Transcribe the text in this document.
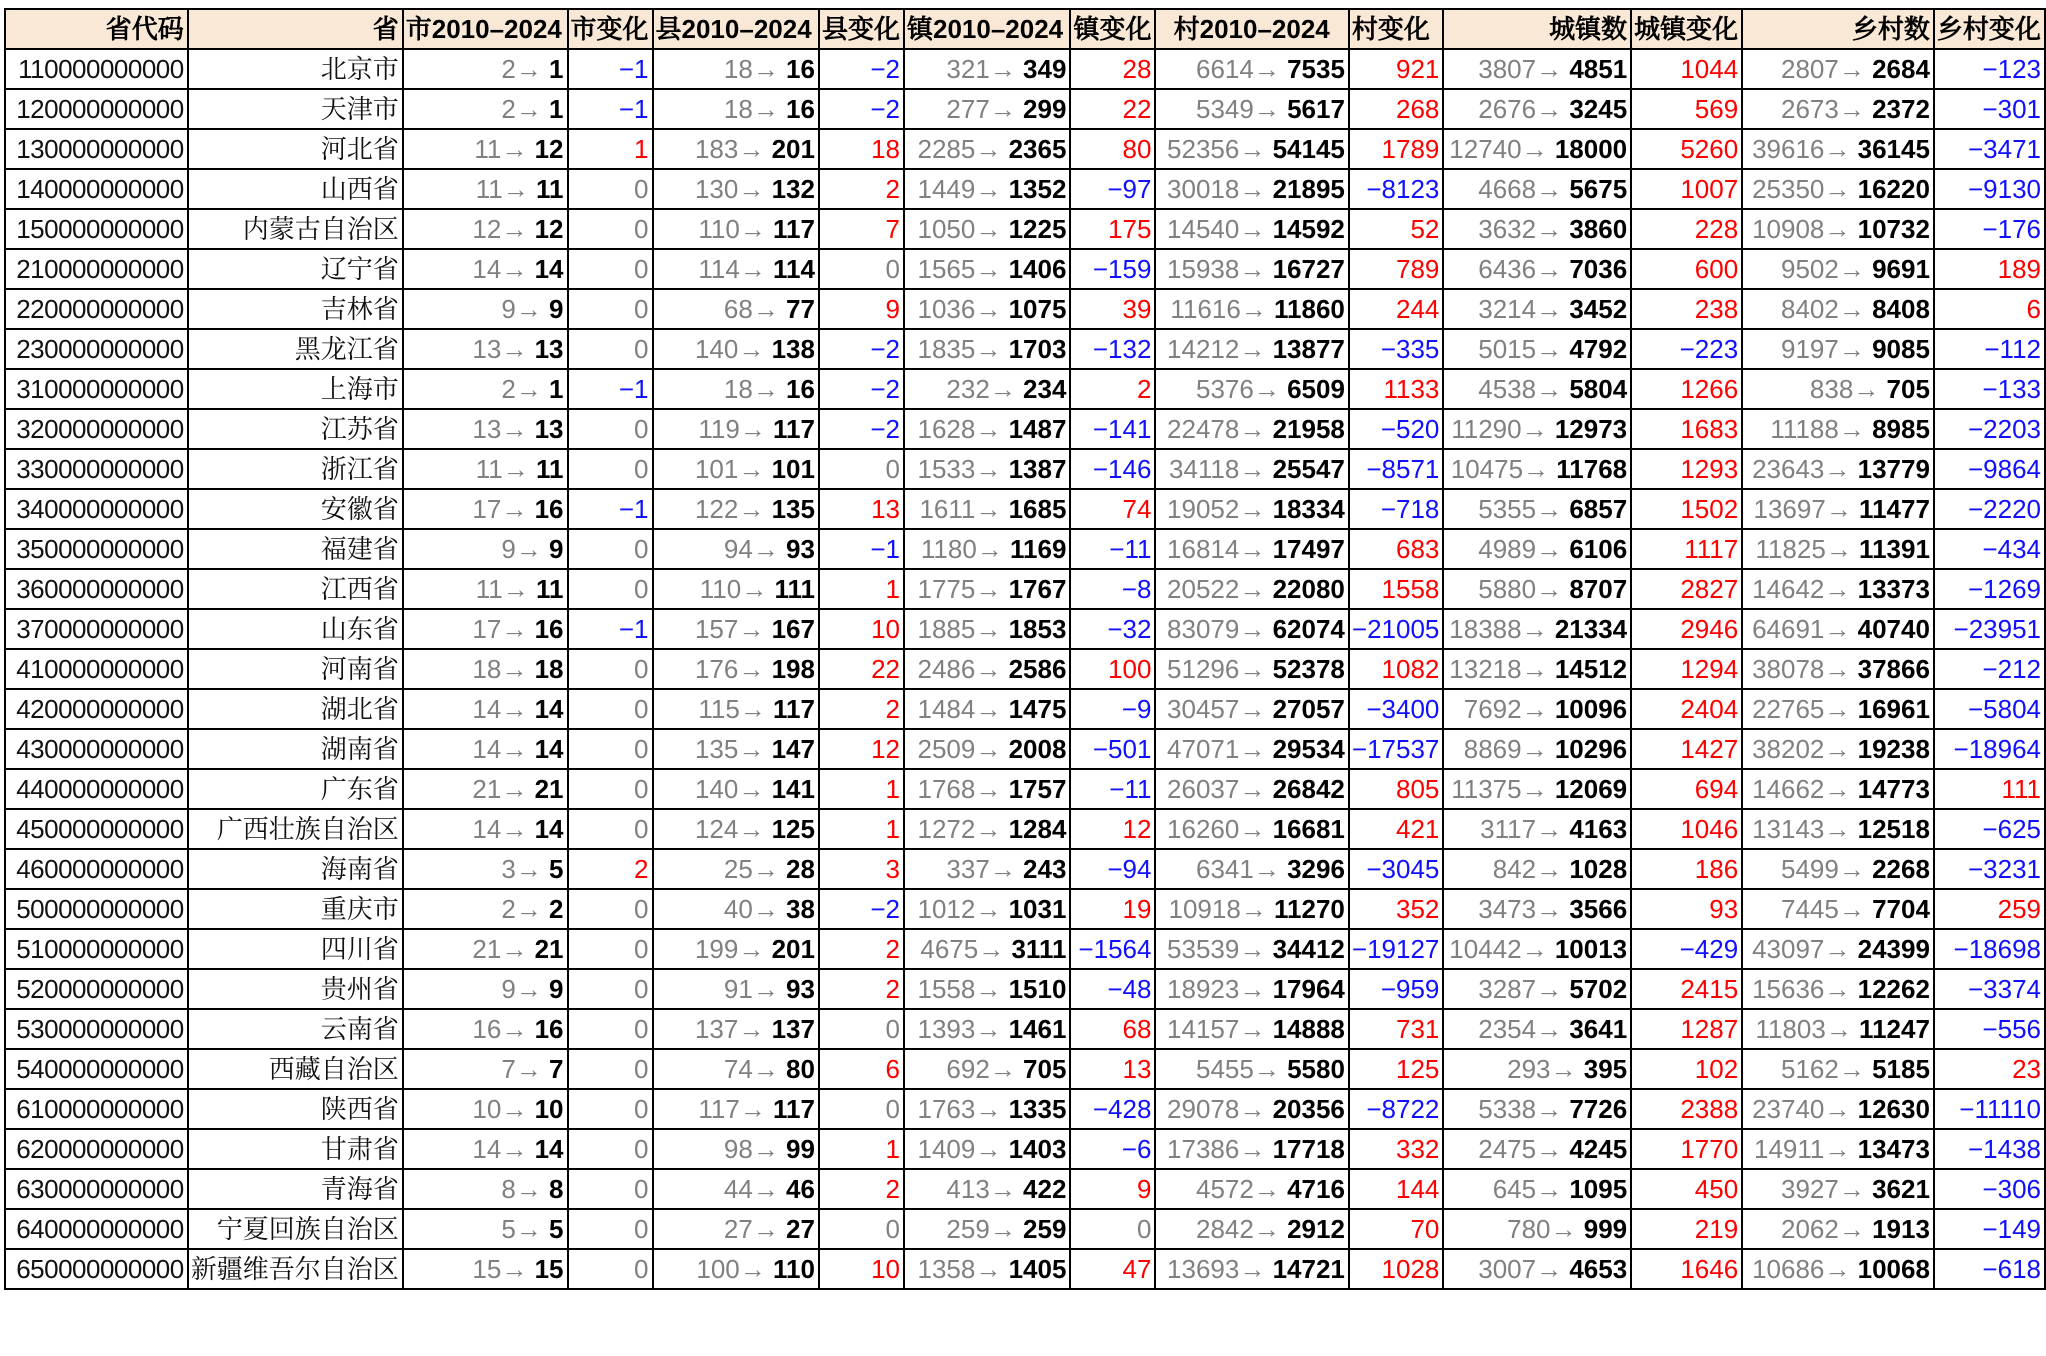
省代码	省	市2010–2024	市变化	县2010–2024	县变化	镇2010–2024	镇变化	村2010–2024	村变化	城镇数	城镇变化	乡村数	乡村变化
110000000000	北京市	2→ 1	−1	18→ 16	−2	321→ 349	28	6614→ 7535	921	3807→ 4851	1044	2807→ 2684	−123
120000000000	天津市	2→ 1	−1	18→ 16	−2	277→ 299	22	5349→ 5617	268	2676→ 3245	569	2673→ 2372	−301
130000000000	河北省	11→ 12	1	183→ 201	18	2285→ 2365	80	52356→ 54145	1789	12740→ 18000	5260	39616→ 36145	−3471
140000000000	山西省	11→ 11	0	130→ 132	2	1449→ 1352	−97	30018→ 21895	−8123	4668→ 5675	1007	25350→ 16220	−9130
150000000000	内蒙古自治区	12→ 12	0	110→ 117	7	1050→ 1225	175	14540→ 14592	52	3632→ 3860	228	10908→ 10732	−176
210000000000	辽宁省	14→ 14	0	114→ 114	0	1565→ 1406	−159	15938→ 16727	789	6436→ 7036	600	9502→ 9691	189
220000000000	吉林省	9→ 9	0	68→ 77	9	1036→ 1075	39	11616→ 11860	244	3214→ 3452	238	8402→ 8408	6
230000000000	黑龙江省	13→ 13	0	140→ 138	−2	1835→ 1703	−132	14212→ 13877	−335	5015→ 4792	−223	9197→ 9085	−112
310000000000	上海市	2→ 1	−1	18→ 16	−2	232→ 234	2	5376→ 6509	1133	4538→ 5804	1266	838→ 705	−133
320000000000	江苏省	13→ 13	0	119→ 117	−2	1628→ 1487	−141	22478→ 21958	−520	11290→ 12973	1683	11188→ 8985	−2203
330000000000	浙江省	11→ 11	0	101→ 101	0	1533→ 1387	−146	34118→ 25547	−8571	10475→ 11768	1293	23643→ 13779	−9864
340000000000	安徽省	17→ 16	−1	122→ 135	13	1611→ 1685	74	19052→ 18334	−718	5355→ 6857	1502	13697→ 11477	−2220
350000000000	福建省	9→ 9	0	94→ 93	−1	1180→ 1169	−11	16814→ 17497	683	4989→ 6106	1117	11825→ 11391	−434
360000000000	江西省	11→ 11	0	110→ 111	1	1775→ 1767	−8	20522→ 22080	1558	5880→ 8707	2827	14642→ 13373	−1269
370000000000	山东省	17→ 16	−1	157→ 167	10	1885→ 1853	−32	83079→ 62074	−21005	18388→ 21334	2946	64691→ 40740	−23951
410000000000	河南省	18→ 18	0	176→ 198	22	2486→ 2586	100	51296→ 52378	1082	13218→ 14512	1294	38078→ 37866	−212
420000000000	湖北省	14→ 14	0	115→ 117	2	1484→ 1475	−9	30457→ 27057	−3400	7692→ 10096	2404	22765→ 16961	−5804
430000000000	湖南省	14→ 14	0	135→ 147	12	2509→ 2008	−501	47071→ 29534	−17537	8869→ 10296	1427	38202→ 19238	−18964
440000000000	广东省	21→ 21	0	140→ 141	1	1768→ 1757	−11	26037→ 26842	805	11375→ 12069	694	14662→ 14773	111
450000000000	广西壮族自治区	14→ 14	0	124→ 125	1	1272→ 1284	12	16260→ 16681	421	3117→ 4163	1046	13143→ 12518	−625
460000000000	海南省	3→ 5	2	25→ 28	3	337→ 243	−94	6341→ 3296	−3045	842→ 1028	186	5499→ 2268	−3231
500000000000	重庆市	2→ 2	0	40→ 38	−2	1012→ 1031	19	10918→ 11270	352	3473→ 3566	93	7445→ 7704	259
510000000000	四川省	21→ 21	0	199→ 201	2	4675→ 3111	−1564	53539→ 34412	−19127	10442→ 10013	−429	43097→ 24399	−18698
520000000000	贵州省	9→ 9	0	91→ 93	2	1558→ 1510	−48	18923→ 17964	−959	3287→ 5702	2415	15636→ 12262	−3374
530000000000	云南省	16→ 16	0	137→ 137	0	1393→ 1461	68	14157→ 14888	731	2354→ 3641	1287	11803→ 11247	−556
540000000000	西藏自治区	7→ 7	0	74→ 80	6	692→ 705	13	5455→ 5580	125	293→ 395	102	5162→ 5185	23
610000000000	陕西省	10→ 10	0	117→ 117	0	1763→ 1335	−428	29078→ 20356	−8722	5338→ 7726	2388	23740→ 12630	−11110
620000000000	甘肃省	14→ 14	0	98→ 99	1	1409→ 1403	−6	17386→ 17718	332	2475→ 4245	1770	14911→ 13473	−1438
630000000000	青海省	8→ 8	0	44→ 46	2	413→ 422	9	4572→ 4716	144	645→ 1095	450	3927→ 3621	−306
640000000000	宁夏回族自治区	5→ 5	0	27→ 27	0	259→ 259	0	2842→ 2912	70	780→ 999	219	2062→ 1913	−149
650000000000	新疆维吾尔自治区	15→ 15	0	100→ 110	10	1358→ 1405	47	13693→ 14721	1028	3007→ 4653	1646	10686→ 10068	−618
